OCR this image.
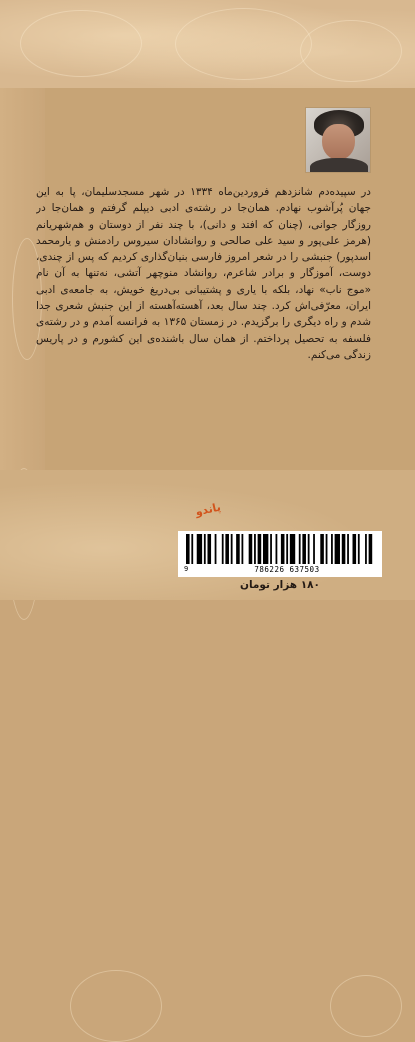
در سپیده‌دم شانزدهم فروردین‌ماه ۱۳۳۴ در شهر مسجدسلیمان، پا به این جهان پُرآشوب نهادم. همان‌جا در رشته‌ی ادبی دیپلم گرفتم و همان‌جا در روزگار جوانی، (چنان که افتد و دانی)، با چند نفر از دوستان و هم‌شهریانم (هرمز علی‌پور و سید علی صالحی و روانشادان سیروس رادمنش و یارمحمد اسدپور) جنبشی را در شعر امروز فارسی بنیان‌گذاری کردیم که پس از چندی، دوست، آموزگار و برادر شاعرم، روانشاد منوچهر آتشی، نه‌تنها به آن نام «موج ناب» نهاد، بلکه با یاری و پشتیبانی بی‌دریغ خویش، به جامعه‌ی ادبی ایران، معرّفی‌اش کرد. چند سال بعد، آهسته‌آهسته از این جنبش شعری جدا شدم و راه دیگری را برگزیدم. در زمستان ۱۳۶۵ به فرانسه آمدم و در رشته‌ی فلسفه به تحصیل پرداختم. از همان سال باشنده‌ی این کشورم و در پاریس زندگی می‌کنم.

پاندو
9	786226 637503
۱۸۰ هزار تومان
